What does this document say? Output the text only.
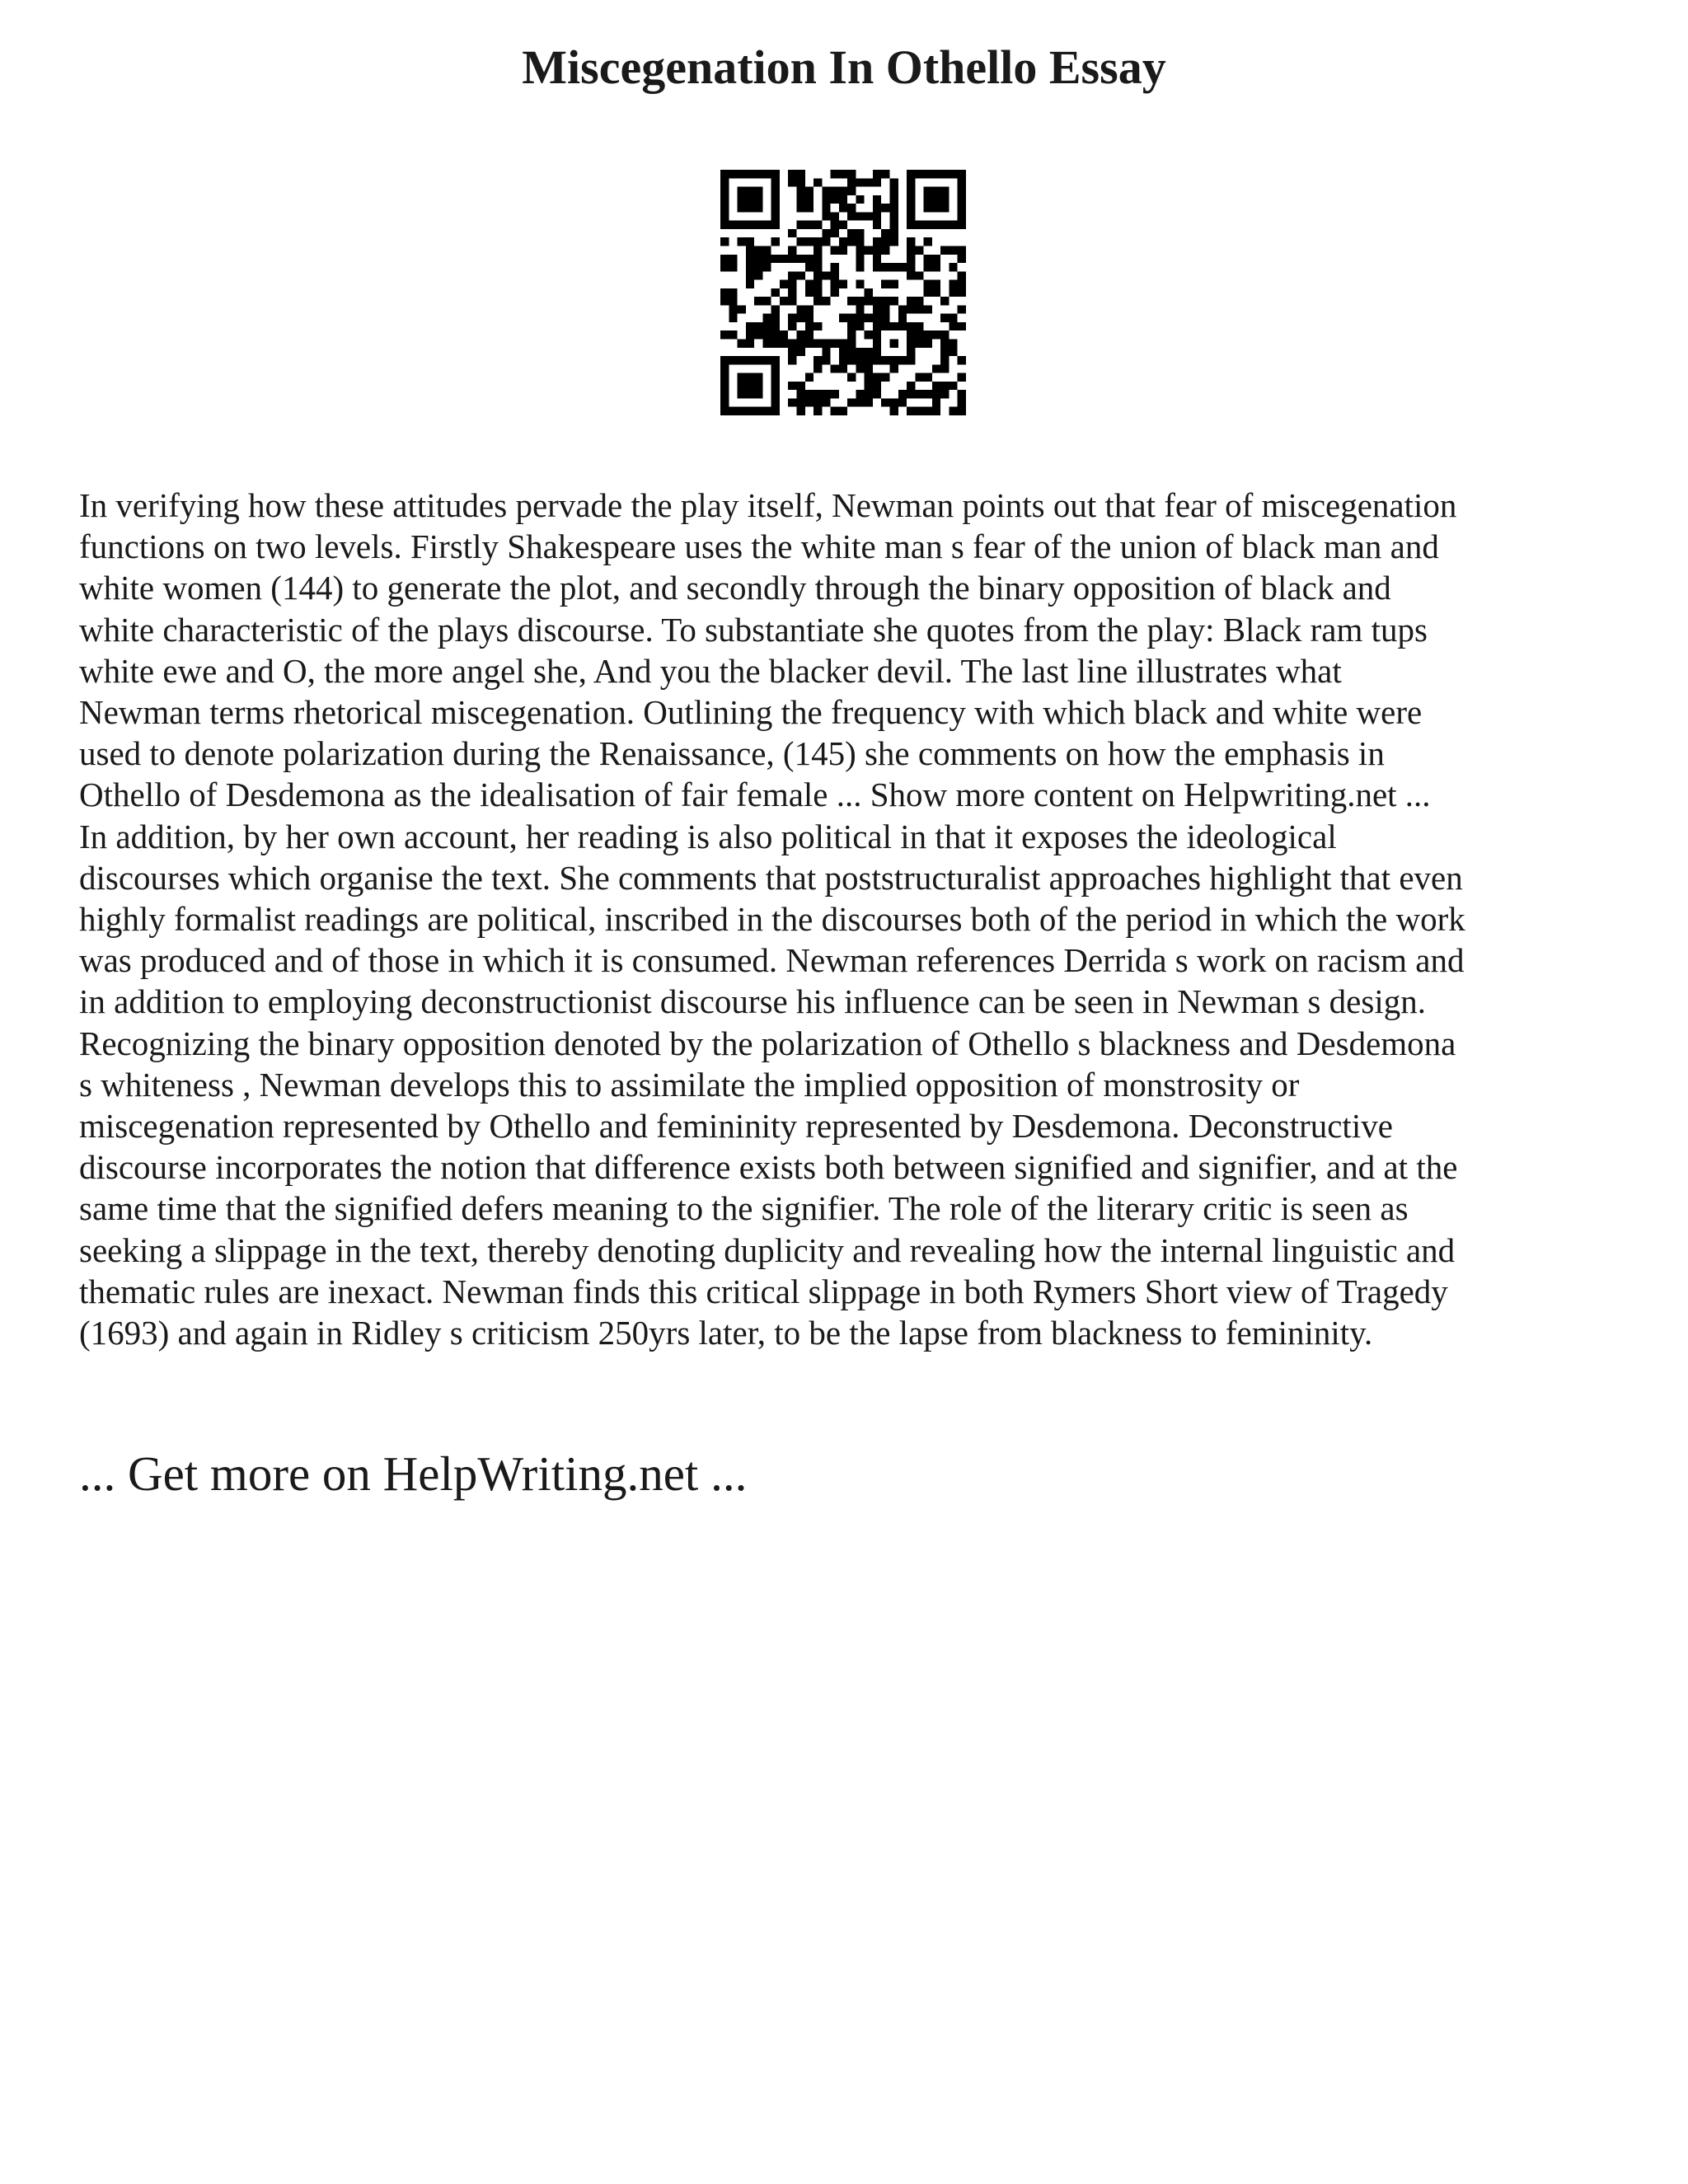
Miscegenation In Othello Essay

In verifying how these attitudes pervade the play itself, Newman points out that fear of miscegenation
functions on two levels. Firstly Shakespeare uses the white man s fear of the union of black man and
white women (144) to generate the plot, and secondly through the binary opposition of black and
white characteristic of the plays discourse. To substantiate she quotes from the play: Black ram tups
white ewe and O, the more angel she, And you the blacker devil. The last line illustrates what
Newman terms rhetorical miscegenation. Outlining the frequency with which black and white were
used to denote polarization during the Renaissance, (145) she comments on how the emphasis in
Othello of Desdemona as the idealisation of fair female ... Show more content on Helpwriting.net ...
In addition, by her own account, her reading is also political in that it exposes the ideological
discourses which organise the text. She comments that poststructuralist approaches highlight that even
highly formalist readings are political, inscribed in the discourses both of the period in which the work
was produced and of those in which it is consumed. Newman references Derrida s work on racism and
in addition to employing deconstructionist discourse his influence can be seen in Newman s design.
Recognizing the binary opposition denoted by the polarization of Othello s blackness and Desdemona
s whiteness , Newman develops this to assimilate the implied opposition of monstrosity or
miscegenation represented by Othello and femininity represented by Desdemona. Deconstructive
discourse incorporates the notion that difference exists both between signified and signifier, and at the
same time that the signified defers meaning to the signifier. The role of the literary critic is seen as
seeking a slippage in the text, thereby denoting duplicity and revealing how the internal linguistic and
thematic rules are inexact. Newman finds this critical slippage in both Rymers Short view of Tragedy
(1693) and again in Ridley s criticism 250yrs later, to be the lapse from blackness to femininity.

... Get more on HelpWriting.net ...
